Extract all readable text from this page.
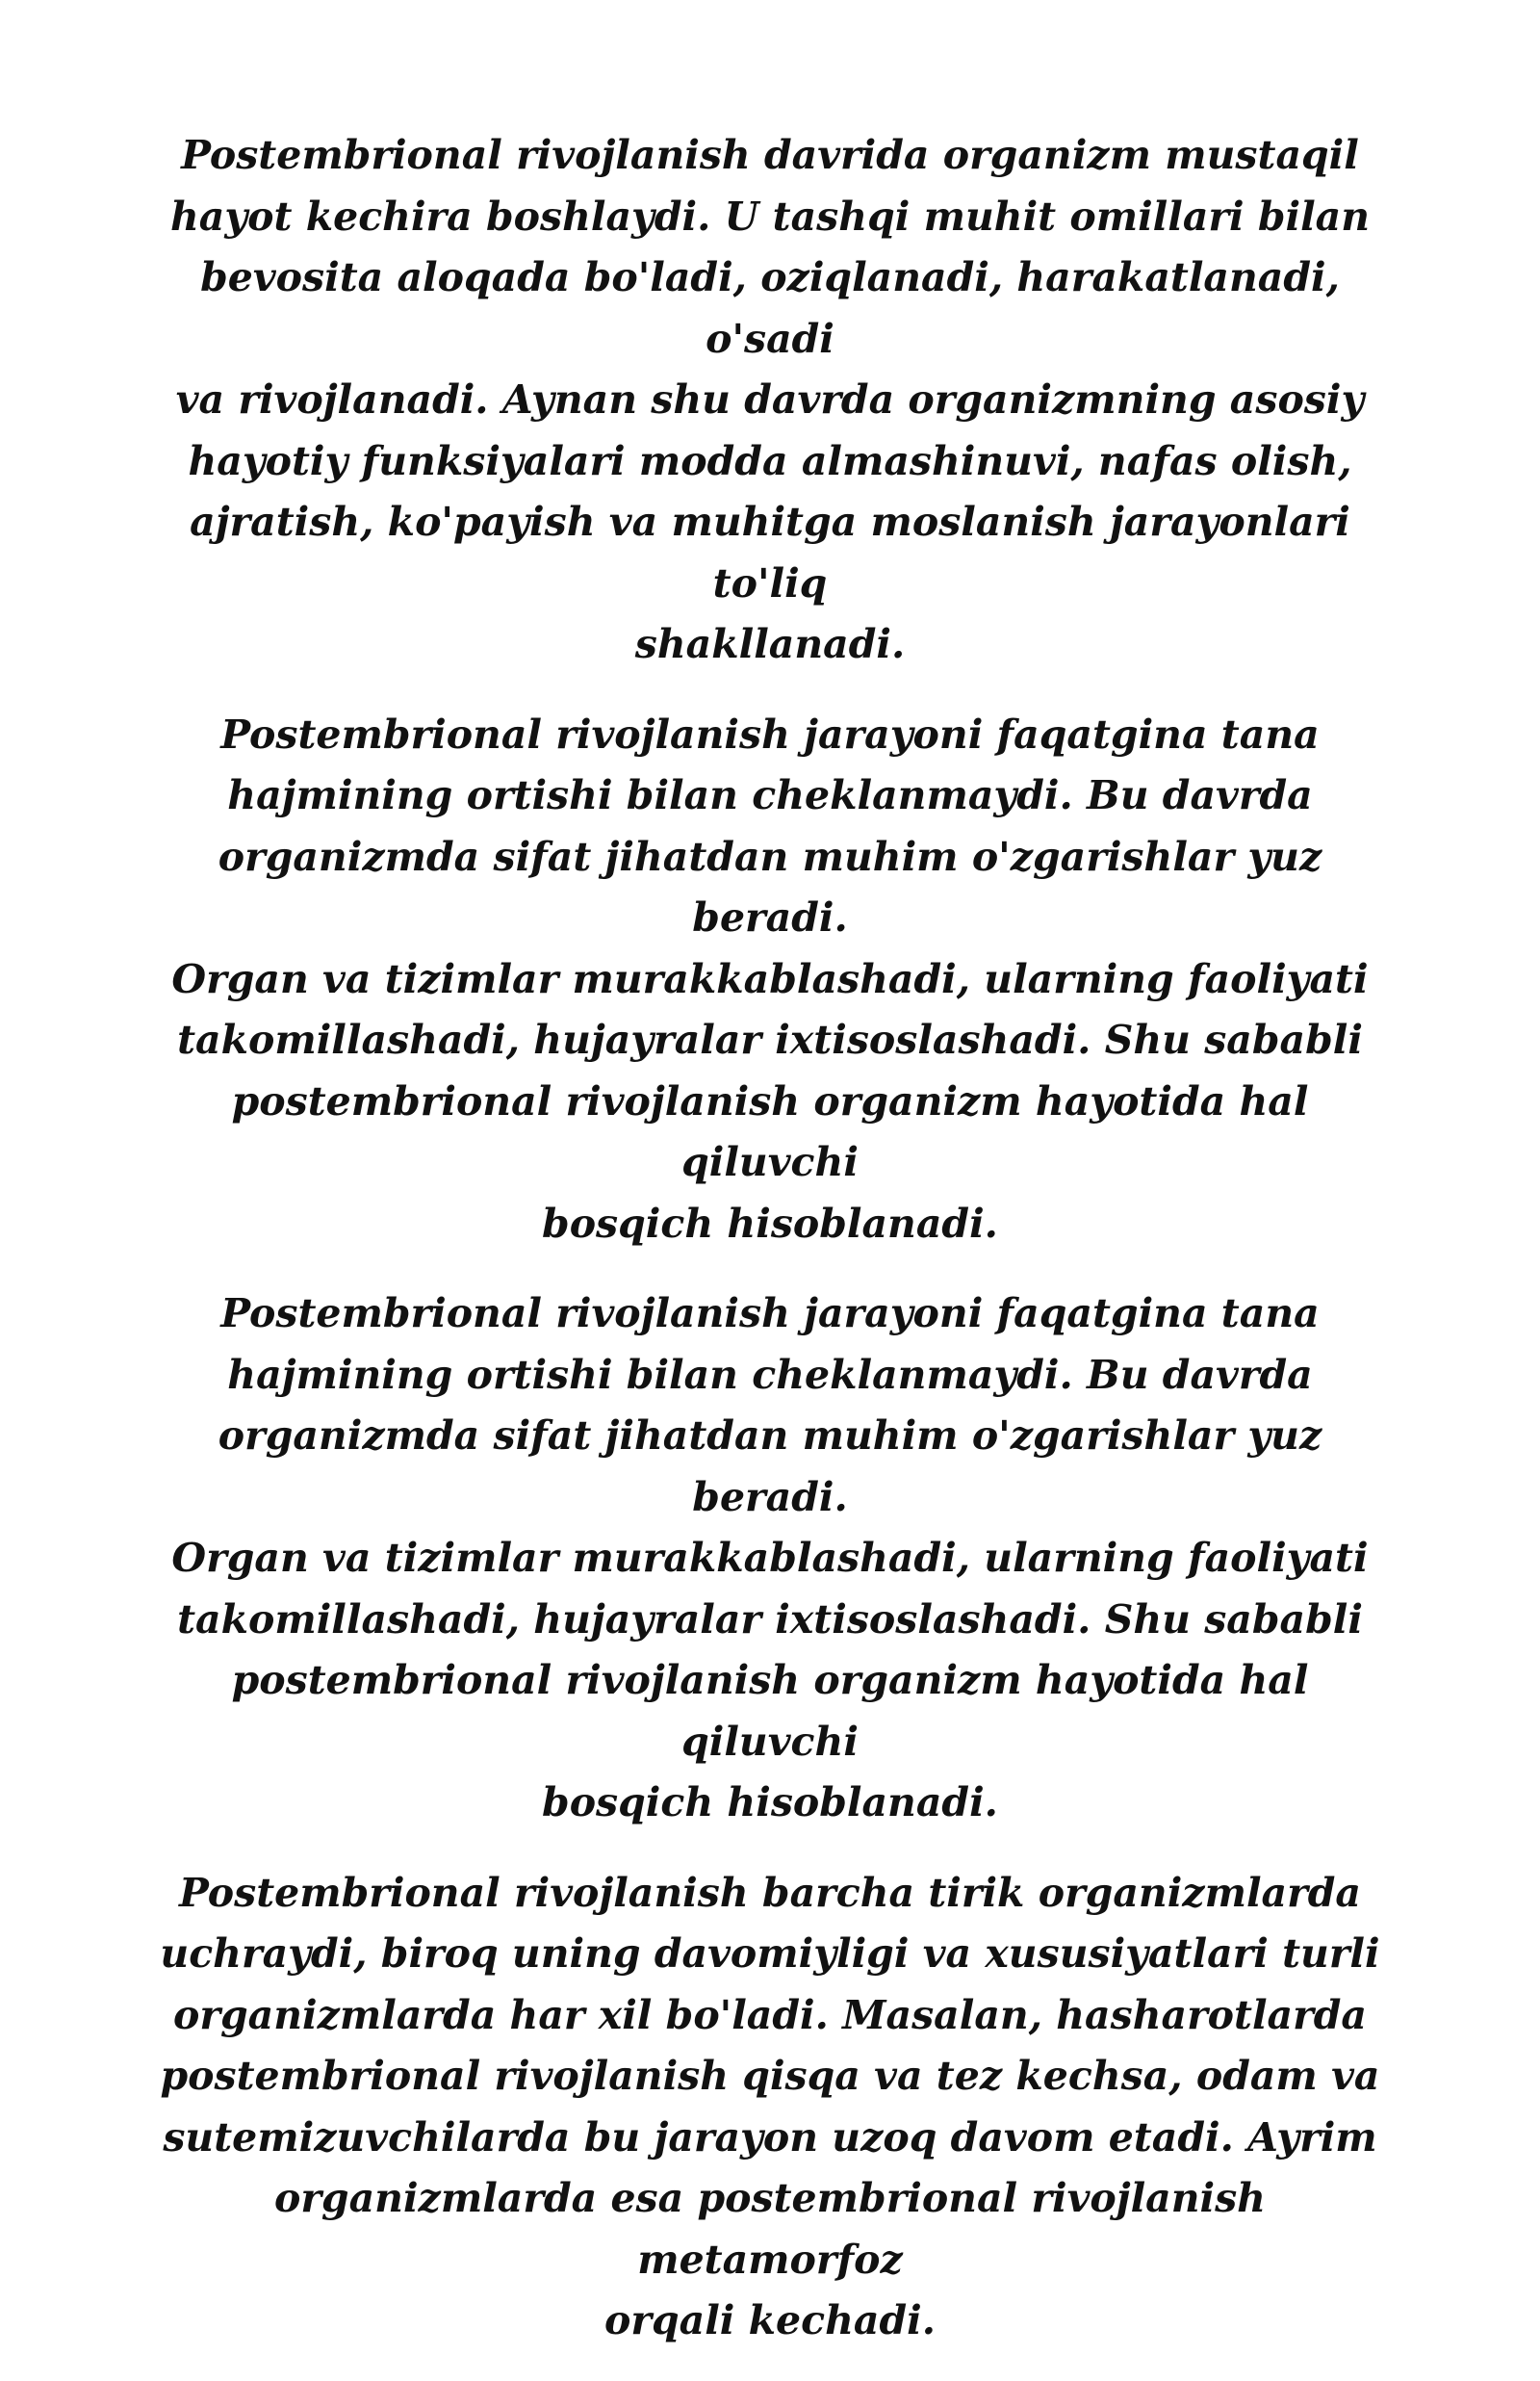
Postembrional rivojlanish davrida organizm mustaqil
hayot kechira boshlaydi. U tashqi muhit omillari bilan
bevosita aloqada bo'ladi, oziqlanadi, harakatlanadi, o'sadi
va rivojlanadi. Aynan shu davrda organizmning asosiy
hayotiy funksiyalari modda almashinuvi, nafas olish,
ajratish, ko'payish va muhitga moslanish jarayonlari to'liq
shakllanadi.

Postembrional rivojlanish jarayoni faqatgina tana
hajmining ortishi bilan cheklanmaydi. Bu davrda
organizmda sifat jihatdan muhim o'zgarishlar yuz beradi.
Organ va tizimlar murakkablashadi, ularning faoliyati
takomillashadi, hujayralar ixtisoslashadi. Shu sababli
postembrional rivojlanish organizm hayotida hal qiluvchi
bosqich hisoblanadi.

Postembrional rivojlanish jarayoni faqatgina tana
hajmining ortishi bilan cheklanmaydi. Bu davrda
organizmda sifat jihatdan muhim o'zgarishlar yuz beradi.
Organ va tizimlar murakkablashadi, ularning faoliyati
takomillashadi, hujayralar ixtisoslashadi. Shu sababli
postembrional rivojlanish organizm hayotida hal qiluvchi
bosqich hisoblanadi.

Postembrional rivojlanish barcha tirik organizmlarda
uchraydi, biroq uning davomiyligi va xususiyatlari turli
organizmlarda har xil bo'ladi. Masalan, hasharotlarda
postembrional rivojlanish qisqa va tez kechsa, odam va
sutemizuvchilarda bu jarayon uzoq davom etadi. Ayrim
organizmlarda esa postembrional rivojlanish metamorfoz
orqali kechadi.
